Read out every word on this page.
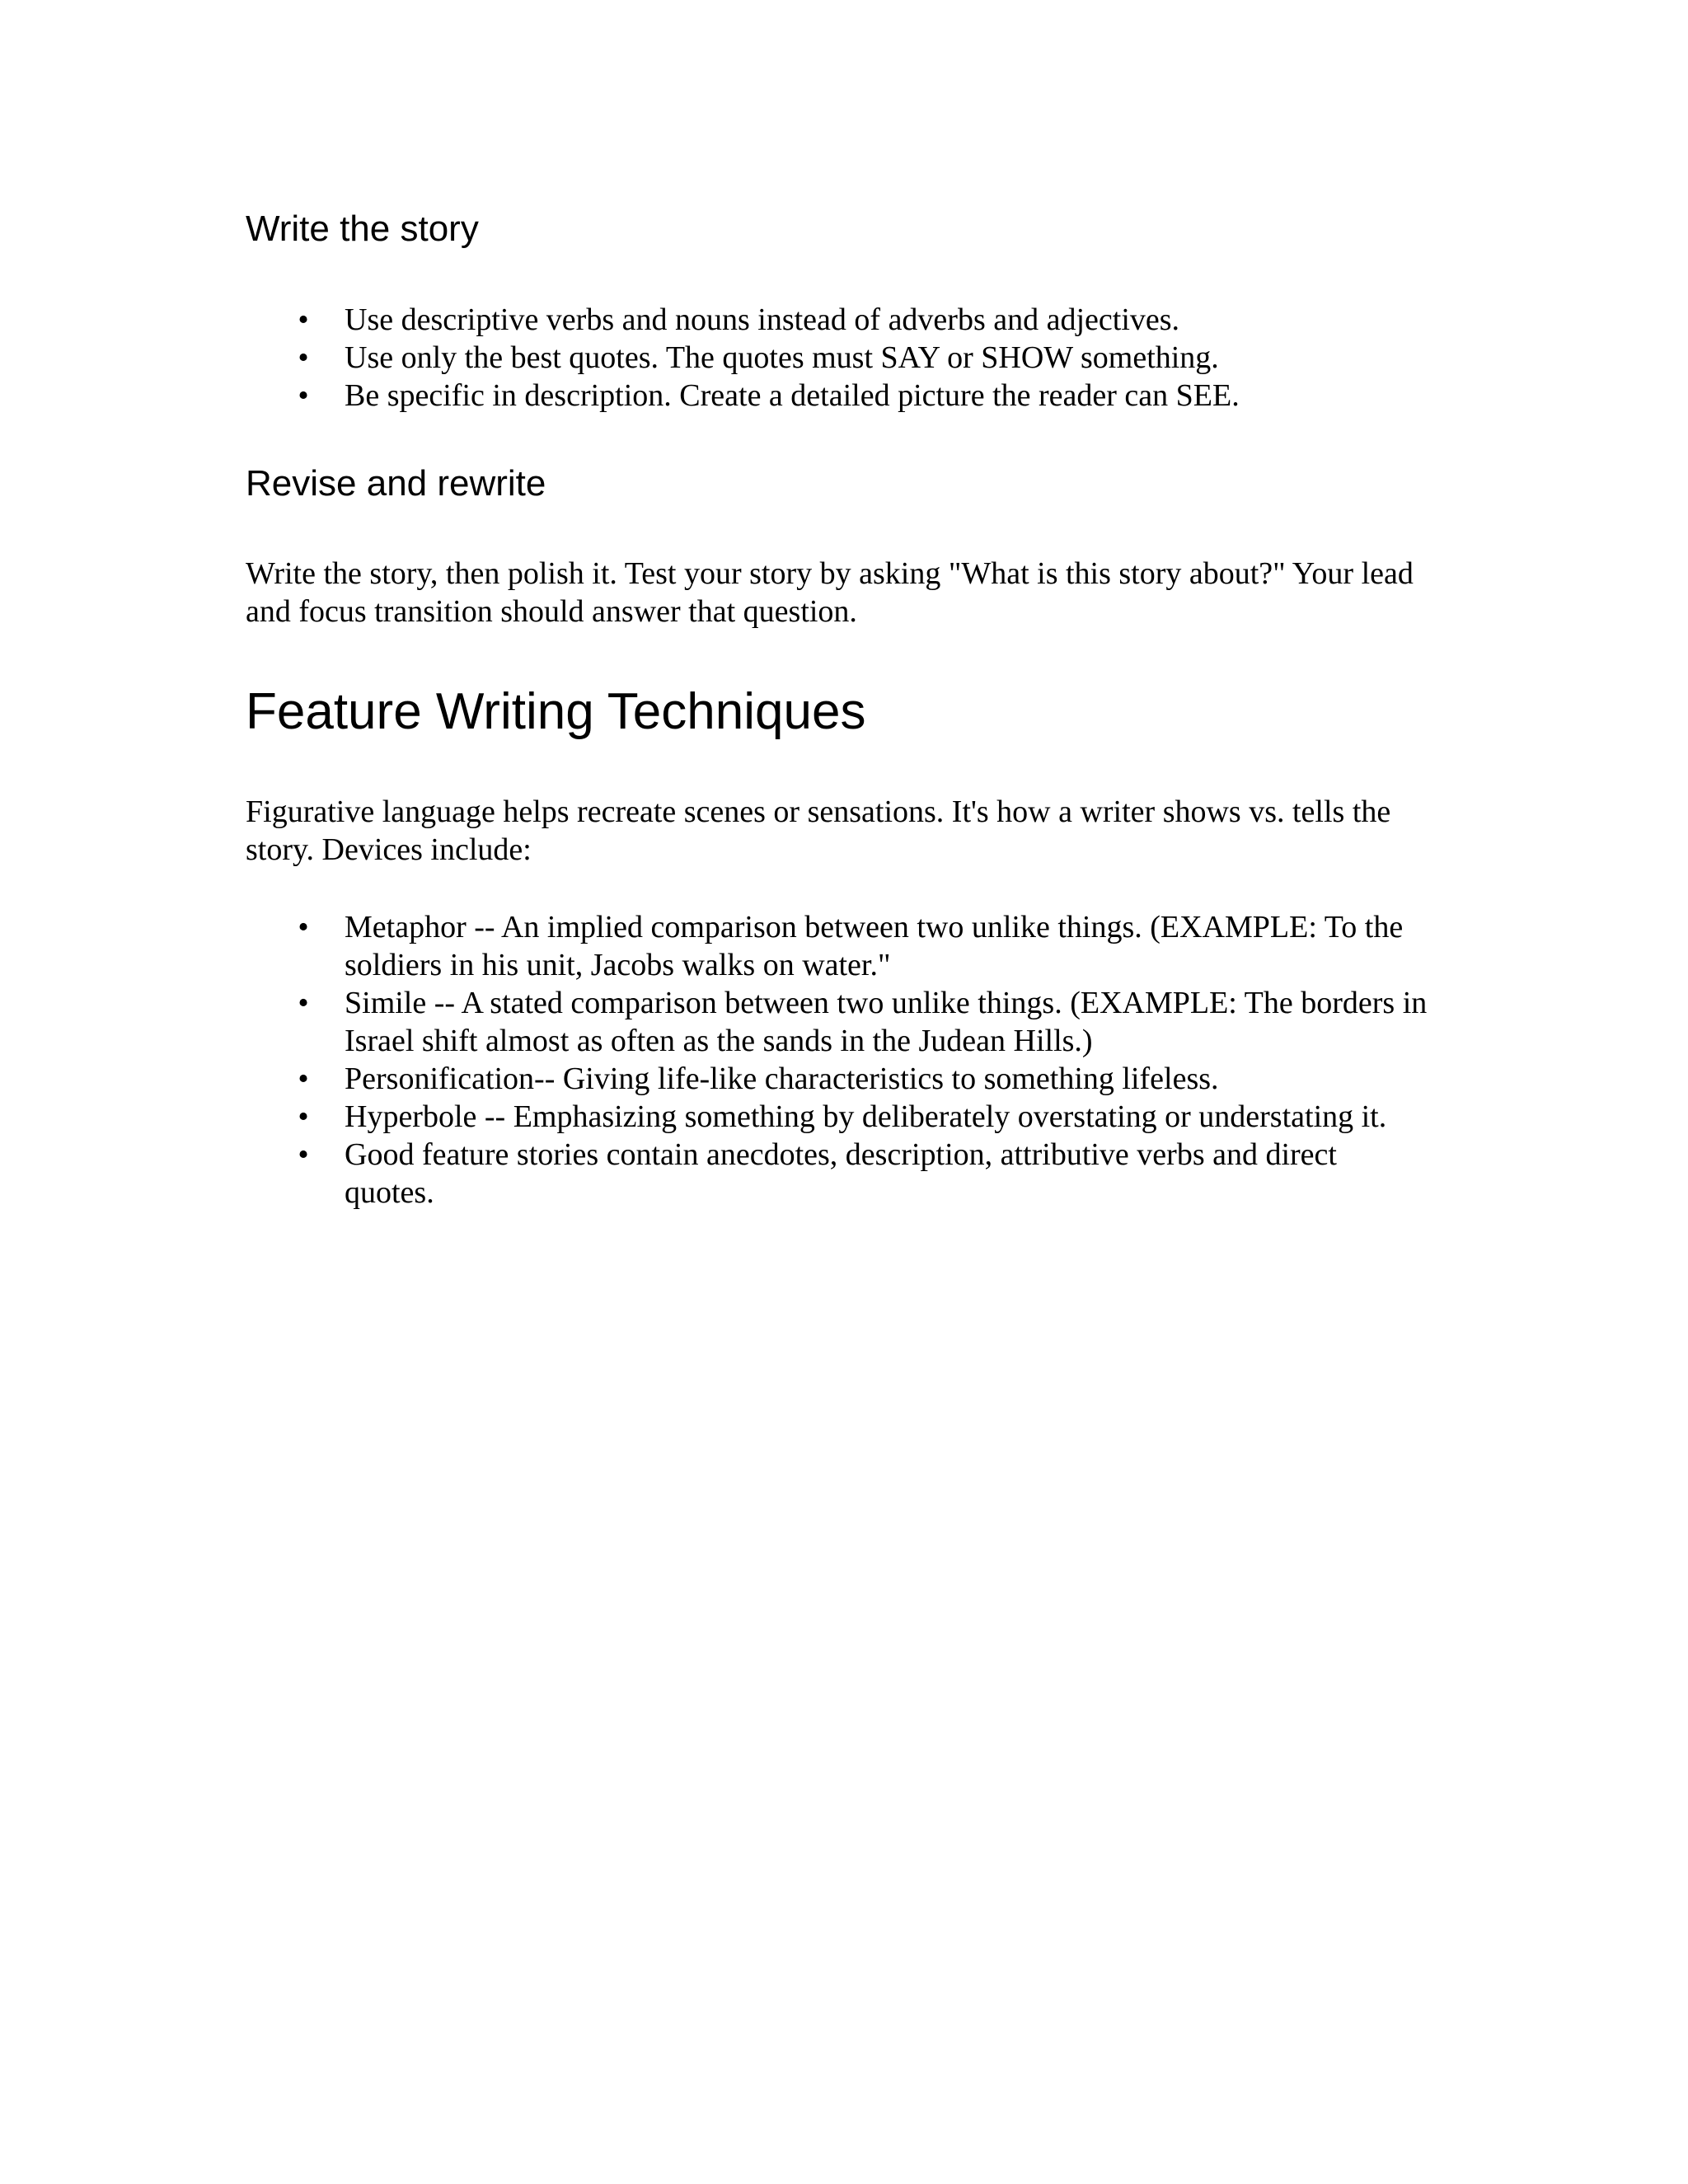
Write the story
• Use descriptive verbs and nouns instead of adverbs and adjectives.
• Use only the best quotes. The quotes must SAY or SHOW something.
• Be specific in description. Create a detailed picture the reader can SEE.
Revise and rewrite

Write the story, then polish it. Test your story by asking "What is this story about?" Your lead and focus transition should answer that question.

Feature Writing Techniques

Figurative language helps recreate scenes or sensations. It's how a writer shows vs. tells the story. Devices include:

• Metaphor -- An implied comparison between two unlike things. (EXAMPLE: To the soldiers in his unit, Jacobs walks on water."
• Simile -- A stated comparison between two unlike things. (EXAMPLE: The borders in Israel shift almost as often as the sands in the Judean Hills.)
• Personification-- Giving life-like characteristics to something lifeless.
• Hyperbole -- Emphasizing something by deliberately overstating or understating it.
• Good feature stories contain anecdotes, description, attributive verbs and direct quotes.
